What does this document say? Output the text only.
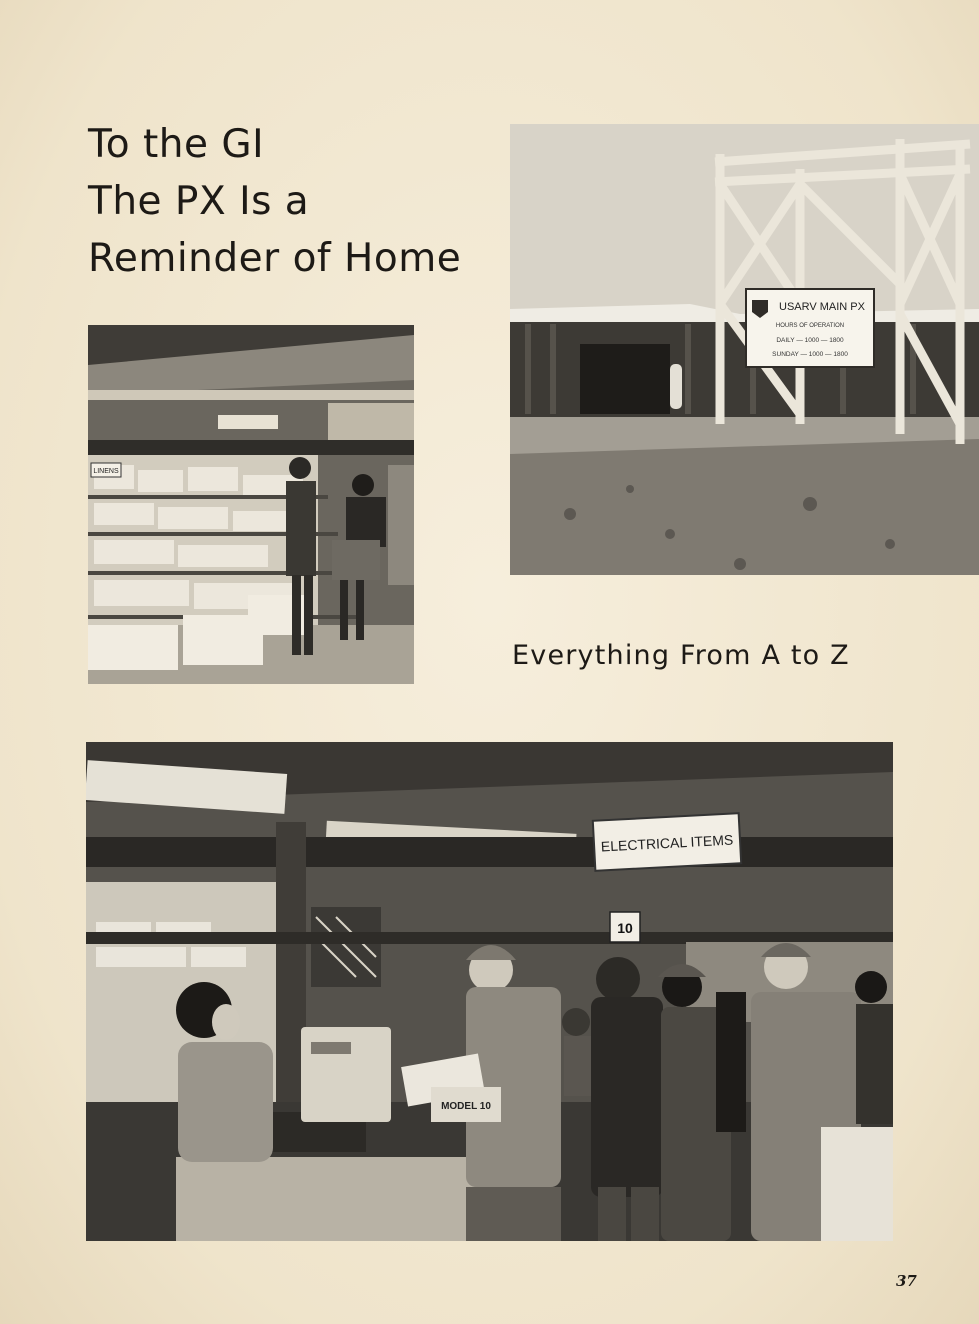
To the GI
The PX Is a
Reminder of Home
LINENS
USARV MAIN PX
HOURS OF OPERATION
DAILY — 1000 — 1800
SUNDAY — 1000 — 1800
Everything From A to Z
ELECTRICAL ITEMS
10
MODEL 10
37
